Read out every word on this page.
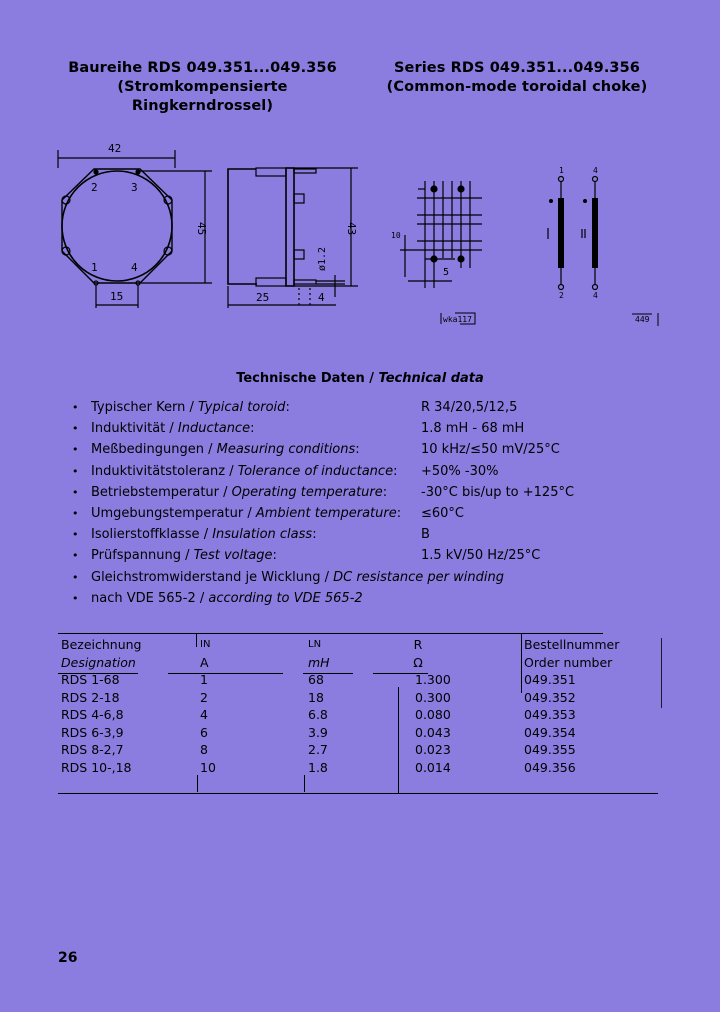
Baureihe RDS 049.351...049.356
(Stromkompensierte
Ringkerndrossel)
Series RDS 049.351...049.356
(Common-mode toroidal choke)
42
2	3
1	4
45
15
43
25	4
ø1.2
10
5
wka117
1	4
2	4
449
Technische Daten / Technical data
• Typischer Kern / Typical toroid:	R 34/20,5/12,5
• Induktivität / Inductance:	1.8 mH - 68 mH
• Meßbedingungen / Measuring conditions:	10 kHz/≤50 mV/25°C
• Induktivitätstoleranz / Tolerance of inductance: +50% -30%
• Betriebstemperatur / Operating temperature:	-30°C bis/up to +125°C
• Umgebungstemperatur / Ambient temperature: ≤60°C
• Isolierstoffklasse / Insulation class:	B
• Prüfspannung / Test voltage:	1.5 kV/50 Hz/25°C
• Gleichstromwiderstand je Wicklung / DC resistance per winding
• nach VDE 565-2 / according to VDE 565-2
Bezeichnung	IN	LN	R	Bestellnummer
Designation	A	mH	Ω	Order number
RDS 1-68	1	68	1.300	049.351
RDS 2-18	2	18	0.300	049.352
RDS 4-6,8	4	6.8	0.080	049.353
RDS 6-3,9	6	3.9	0.043	049.354
RDS 8-2,7	8	2.7	0.023	049.355
RDS 10-,18	10	1.8	0.014	049.356
26
